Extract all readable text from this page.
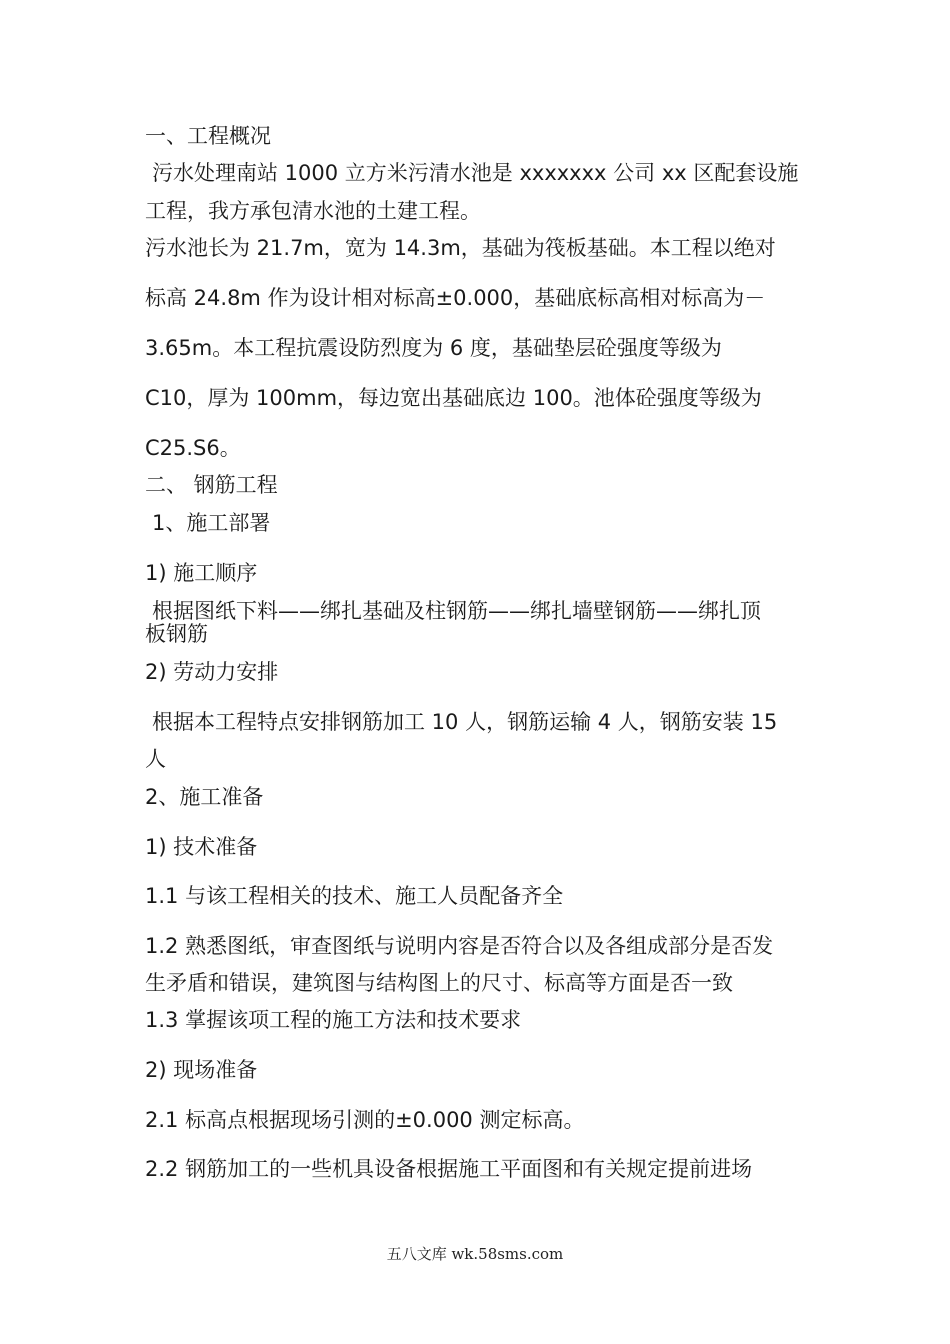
一、工程概况
污水处理南站 1000 立方米污清水池是 xxxxxxx 公司 xx 区配套设施
工程，我方承包清水池的土建工程。
污水池长为 21.7m，宽为 14.3m，基础为筏板基础。本工程以绝对
标高 24.8m 作为设计相对标高±0.000，基础底标高相对标高为－
3.65m。本工程抗震设防烈度为 6 度，基础垫层砼强度等级为
C10，厚为 100mm，每边宽出基础底边 100。池体砼强度等级为
C25.S6。
二、 钢筋工程
1、施工部署
1) 施工顺序
根据图纸下料——绑扎基础及柱钢筋——绑扎墙壁钢筋——绑扎顶
板钢筋
2) 劳动力安排
根据本工程特点安排钢筋加工 10 人，钢筋运输 4 人，钢筋安装 15
人
2、施工准备
1) 技术准备
1.1 与该工程相关的技术、施工人员配备齐全
1.2 熟悉图纸，审查图纸与说明内容是否符合以及各组成部分是否发
生矛盾和错误，建筑图与结构图上的尺寸、标高等方面是否一致
1.3 掌握该项工程的施工方法和技术要求
2) 现场准备
2.1 标高点根据现场引测的±0.000 测定标高。
2.2 钢筋加工的一些机具设备根据施工平面图和有关规定提前进场
五八文库 wk.58sms.com
